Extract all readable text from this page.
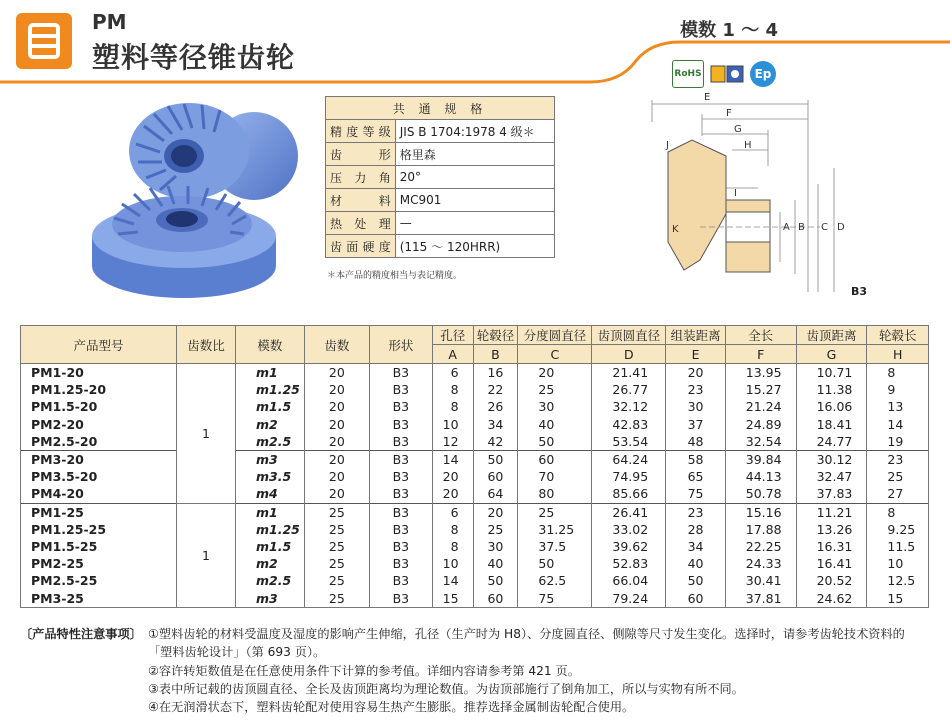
PM
塑料等径锥齿轮
模数 1 ～ 4
RoHS	Ep
共 通 规 格	
精度等级	JIS B 1704:1978 4 级＊
齿形	格里森
压力角	20°
材料	MC901
热处理	—
齿面硬度	(115 ～ 120HRR)
＊本产品的精度相当与表记精度。
E
F
G
H
J
I
K	A B C D
B3
产品型号	齿数比	模数	齿数	形状	孔径	轮毂径	分度圆直径	齿顶圆直径	组装距离	全长	齿顶距离	轮毂长
					A	B	C	D	E	F	G	H
PM1-20	1	m1	20	B3	6	16	20	21.41	20	13.95	10.71	8
PM1.25-20		m1.25	20	B3	8	22	25	26.77	23	15.27	11.38	9
PM1.5-20		m1.5	20	B3	8	26	30	32.12	30	21.24	16.06	13
PM2-20		m2	20	B3	10	34	40	42.83	37	24.89	18.41	14
PM2.5-20		m2.5	20	B3	12	42	50	53.54	48	32.54	24.77	19
PM3-20		m3	20	B3	14	50	60	64.24	58	39.84	30.12	23
PM3.5-20		m3.5	20	B3	20	60	70	74.95	65	44.13	32.47	25
PM4-20		m4	20	B3	20	64	80	85.66	75	50.78	37.83	27
PM1-25	1	m1	25	B3	6	20	25	26.41	23	15.16	11.21	8
PM1.25-25		m1.25	25	B3	8	25	31.25	33.02	28	17.88	13.26	9.25
PM1.5-25		m1.5	25	B3	8	30	37.5	39.62	34	22.25	16.31	11.5
PM2-25		m2	25	B3	10	40	50	52.83	40	24.33	16.41	10
PM2.5-25		m2.5	25	B3	14	50	62.5	66.04	50	30.41	20.52	12.5
PM3-25		m3	25	B3	15	60	75	79.24	60	37.81	24.62	15
〔产品特性注意事项〕 ①塑料齿轮的材料受温度及湿度的影响产生伸缩，孔径（生产时为 H8）、分度圆直径、侧隙等尺寸发生变化。选择时，请参考齿轮技术资料的「塑料齿轮设计」（第 693 页）。
②容许转矩数值是在任意使用条件下计算的参考值。详细内容请参考第 421 页。
③表中所记载的齿顶圆直径、全长及齿顶距离均为理论数值。为齿顶部施行了倒角加工，所以与实物有所不同。
④在无润滑状态下，塑料齿轮配对使用容易生热产生膨胀。推荐选择金属制齿轮配合使用。
